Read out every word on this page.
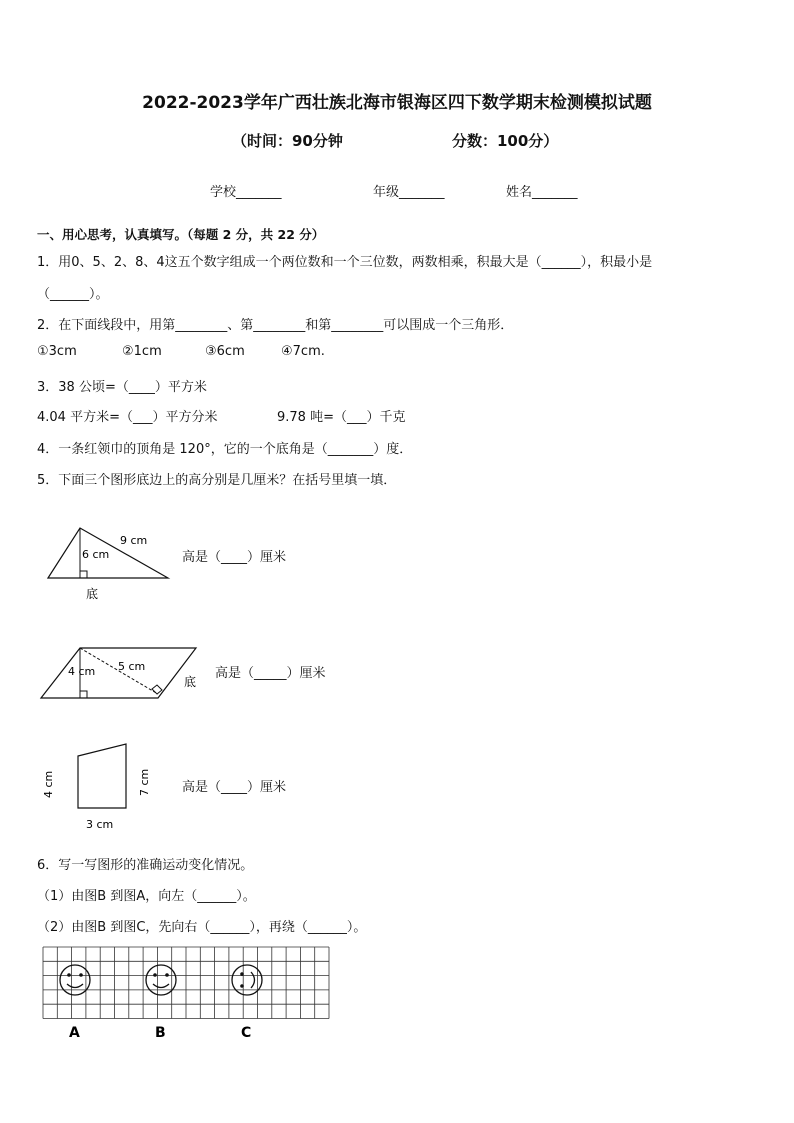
2022-2023学年广西壮族北海市银海区四下数学期末检测模拟试题
（时间：90分钟	分数：100分）
学校_______	年级_______	姓名_______
一、用心思考，认真填写。（每题 2 分，共 22 分）
1．用0、5、2、8、4这五个数字组成一个两位数和一个三位数，两数相乘，积最大是（______），积最小是
（______）。
2．在下面线段中，用第________、第________和第________可以围成一个三角形．
①3cm	②1cm	③6cm	④7cm.
3．38 公顷=（____）平方米
4.04 平方米=（___）平方分米	9.78 吨=（___）千克
4．一条红领巾的顶角是 120°，它的一个底角是（_______）度．
5．下面三个图形底边上的高分别是几厘米？在括号里填一填．
9 cm
6 cm
底
高是（____）厘米
5 cm
4 cm
底
高是（_____）厘米
4 cm	7 cm
3 cm
高是（____）厘米
6．写一写图形的准确运动变化情况。
（1）由图B 到图A，向左（______）。
（2）由图B 到图C，先向右（______），再绕（______）。
A	B	C
